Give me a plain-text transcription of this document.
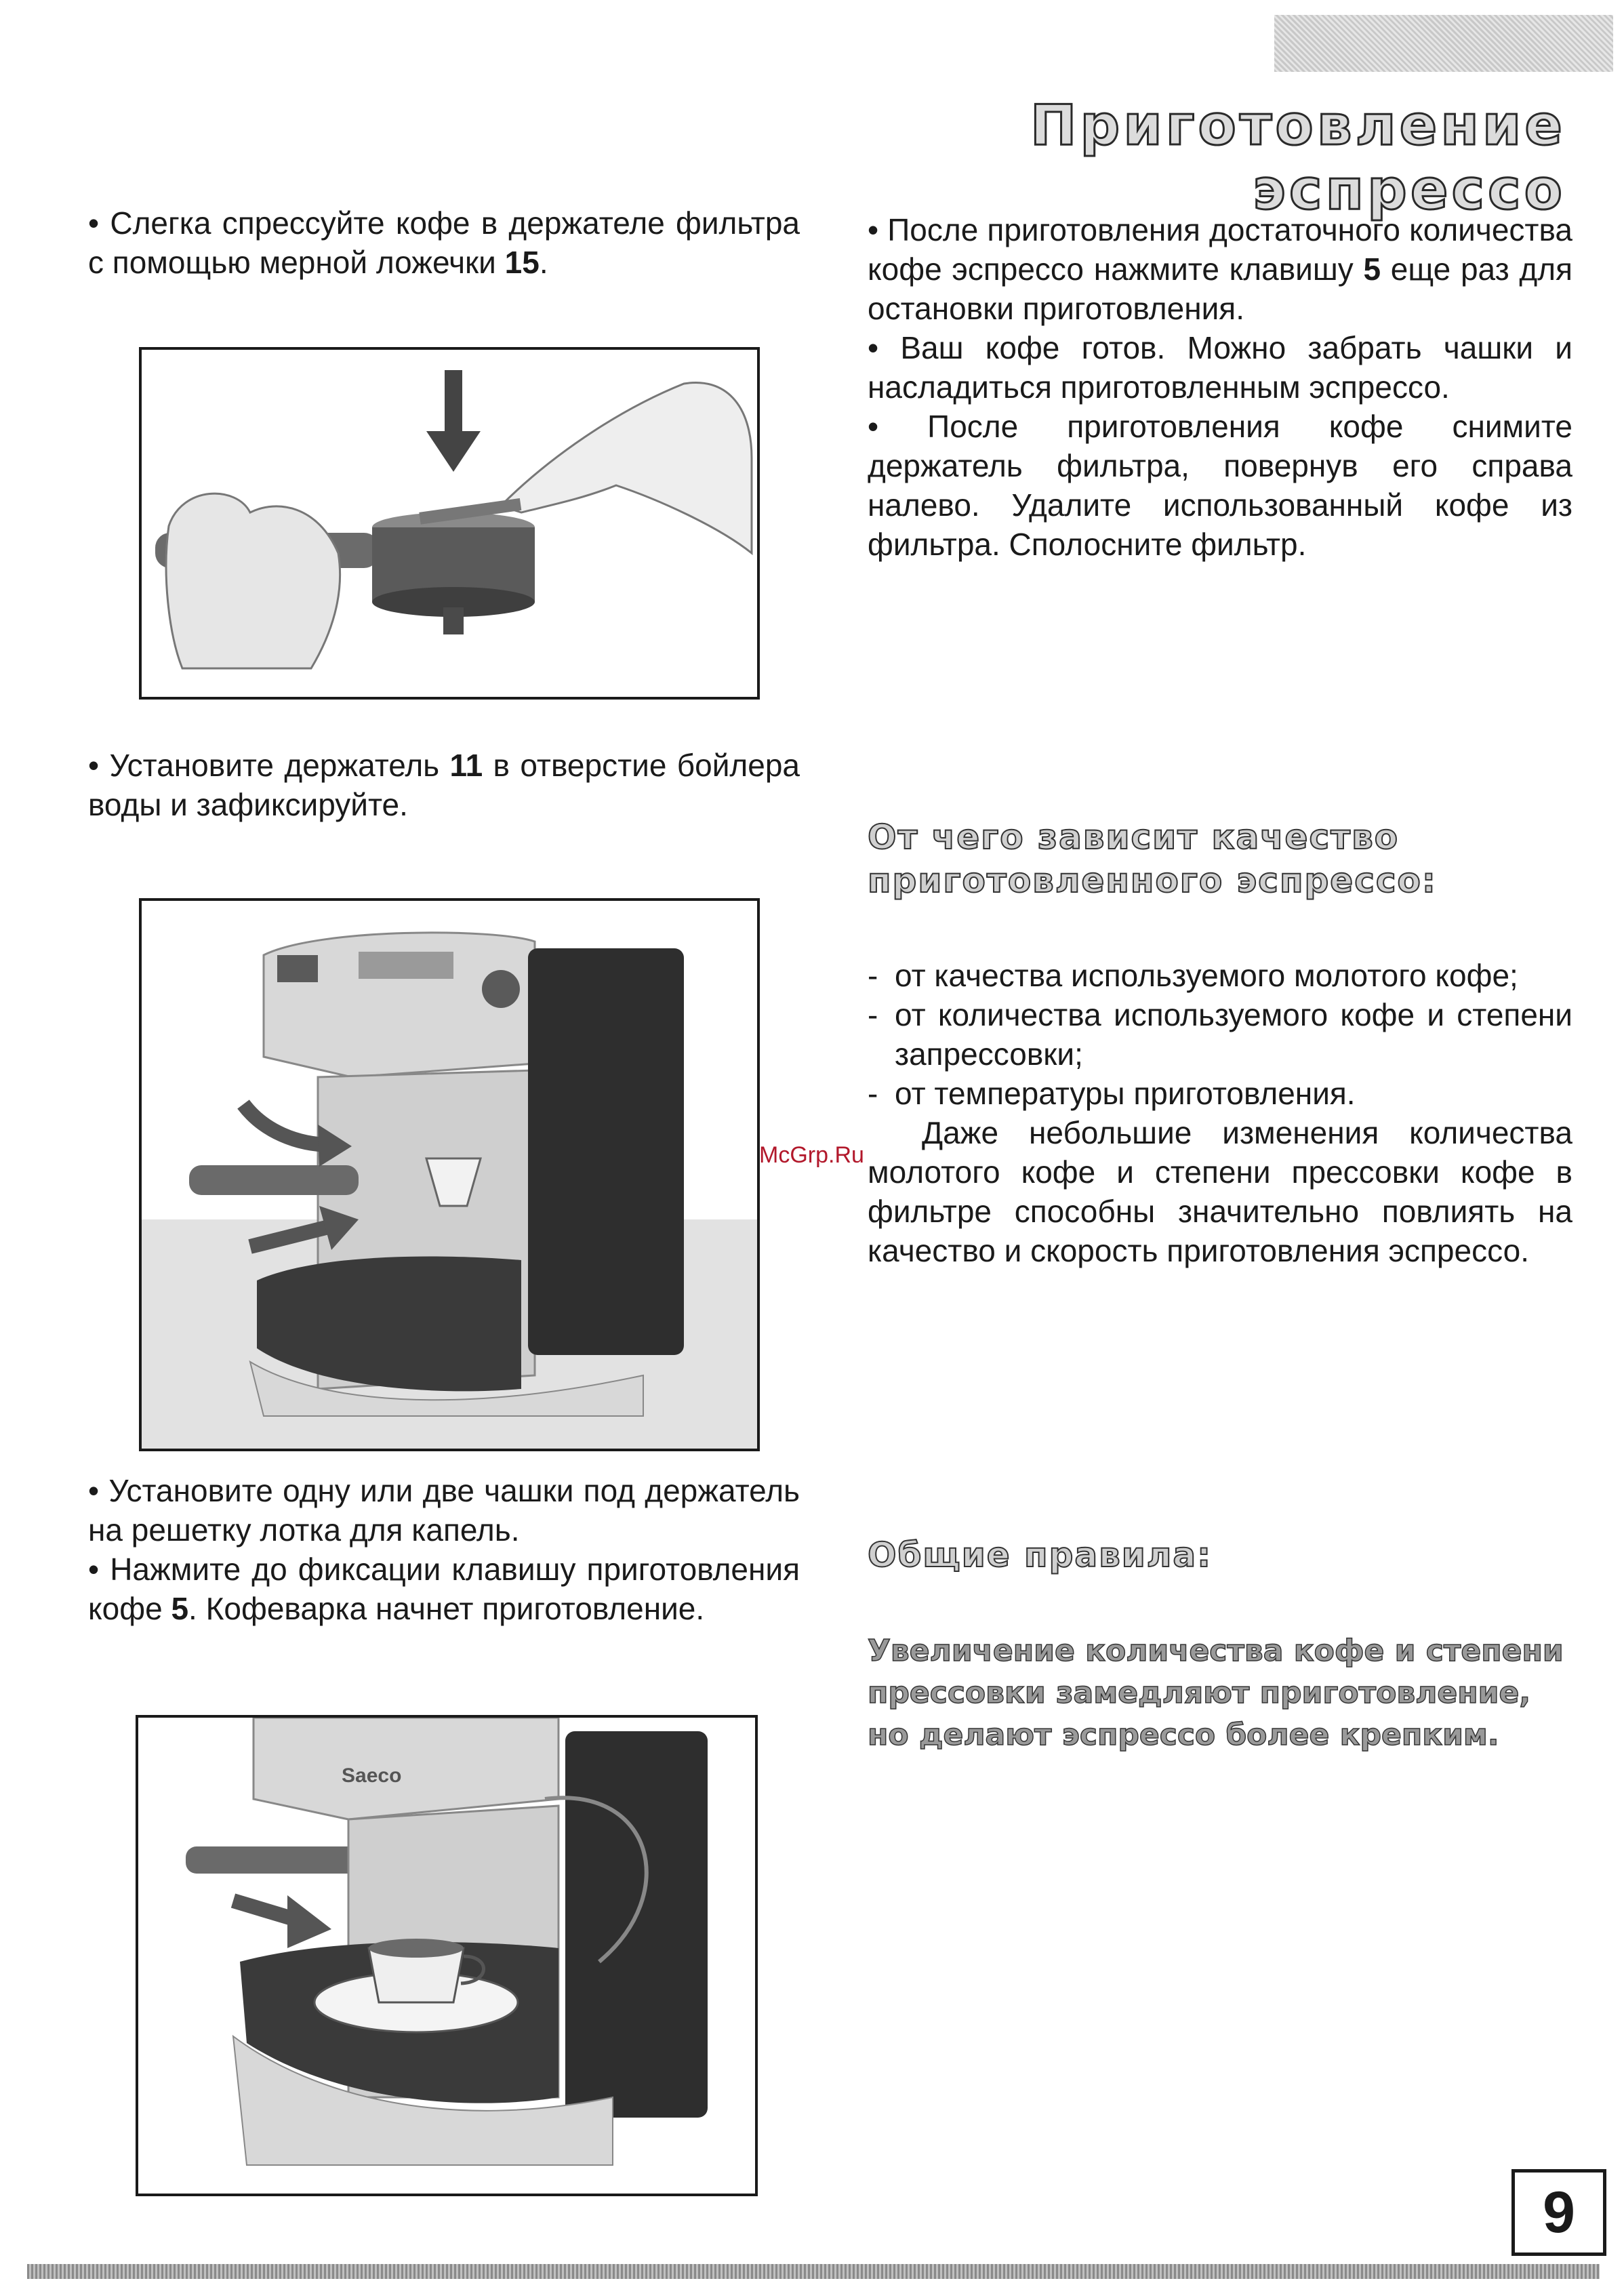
Приготовление эспрессо
• Слегка спрессуйте кофе в держателе фильтра с помощью мерной ложечки 15.
• Установите держатель 11 в отверстие бойлера воды и зафиксируйте.

• Установите одну или две чашки под держатель на решетку лотка для капель.

• Нажмите до фиксации клавишу приготовления кофе 5. Кофеварка начнет приготовление.

Saeco

• После приготовления достаточного количества кофе эспрессо нажмите клавишу 5 еще раз для остановки приготовления.

• Ваш кофе готов. Можно забрать чашки и насладиться приготовленным эспрессо.

• После приготовления кофе снимите держатель фильтра, повернув его справа налево. Удалите использованный кофе из фильтра. Сполосните фильтр.

От чего зависит качество
приготовленного эспрессо:
- от качества используемого молотого кофе;
- от количества используемого кофе и степени запрессовки;
- от температуры приготовления.

Даже небольшие изменения количества молотого кофе и степени прессовки кофе в фильтре способны значительно повлиять на качество и скорость приготовления эспрессо.

McGrp.Ru
Общие правила:
Увеличение количества кофе и степени прессовки замедляют приготовление, но делают эспрессо более крепким.
9
